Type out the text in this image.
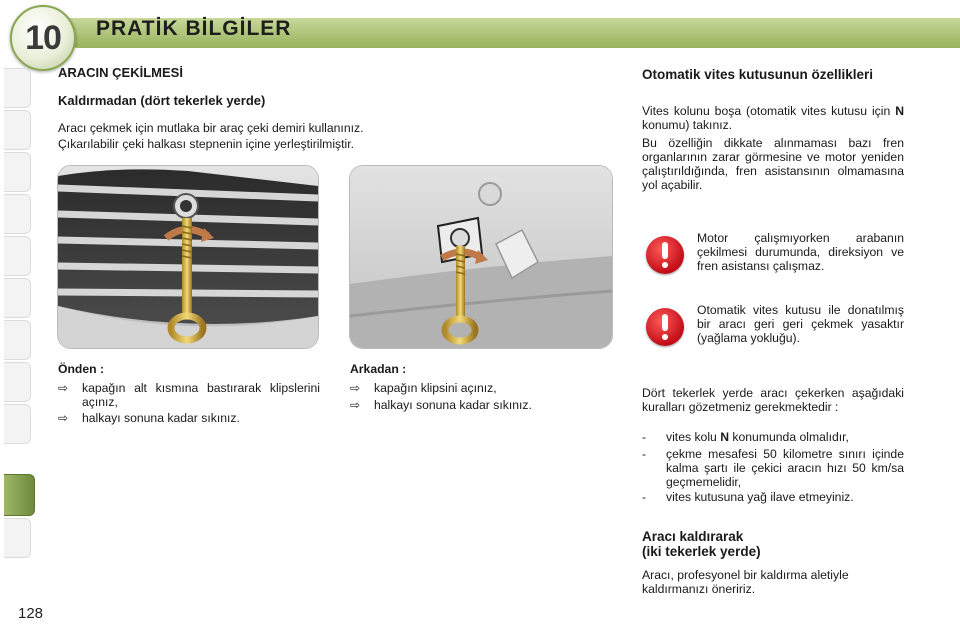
10 PRATİK BİLGİLER
ARACIN ÇEKİLMESİ
Kaldırmadan (dört tekerlek yerde)

Aracı çekmek için mutlaka bir araç çeki demiri kullanınız.

Çıkarılabilir çeki halkası stepnenin içine yerleştirilmiştir.

Önden :
⇨	kapağın alt kısmına bastırarak klipslerini açınız,
⇨	halkayı sonuna kadar sıkınız.
Arkadan :
⇨	kapağın klipsini açınız,
⇨	halkayı sonuna kadar sıkınız.
Otomatik vites kutusunun özellikleri

Vites kolunu boşa (otomatik vites kutusu için N konumu) takınız.

Bu özelliğin dikkate alınmaması bazı fren organlarının zarar görmesine ve motor yeniden çalıştırıldığında, fren asistansının olmamasına yol açabilir.

Motor çalışmıyorken arabanın çekilmesi durumunda, direksiyon ve fren asistansı çalışmaz.

Otomatik vites kutusu ile donatılmış bir aracı geri geri çekmek yasaktır (yağlama yokluğu).

Dört tekerlek yerde aracı çekerken aşağıdaki kuralları gözetmeniz gerekmektedir :

-	vites kolu N konumunda olmalıdır,
-	çekme mesafesi 50 kilometre sınırı içinde kalma şartı ile çekici aracın hızı 50 km/sa geçmemelidir,
-	vites kutusuna yağ ilave etmeyiniz.
Aracı kaldırarak
(iki tekerlek yerde)

Aracı, profesyonel bir kaldırma aletiyle kaldırmanızı öneririz.

128
